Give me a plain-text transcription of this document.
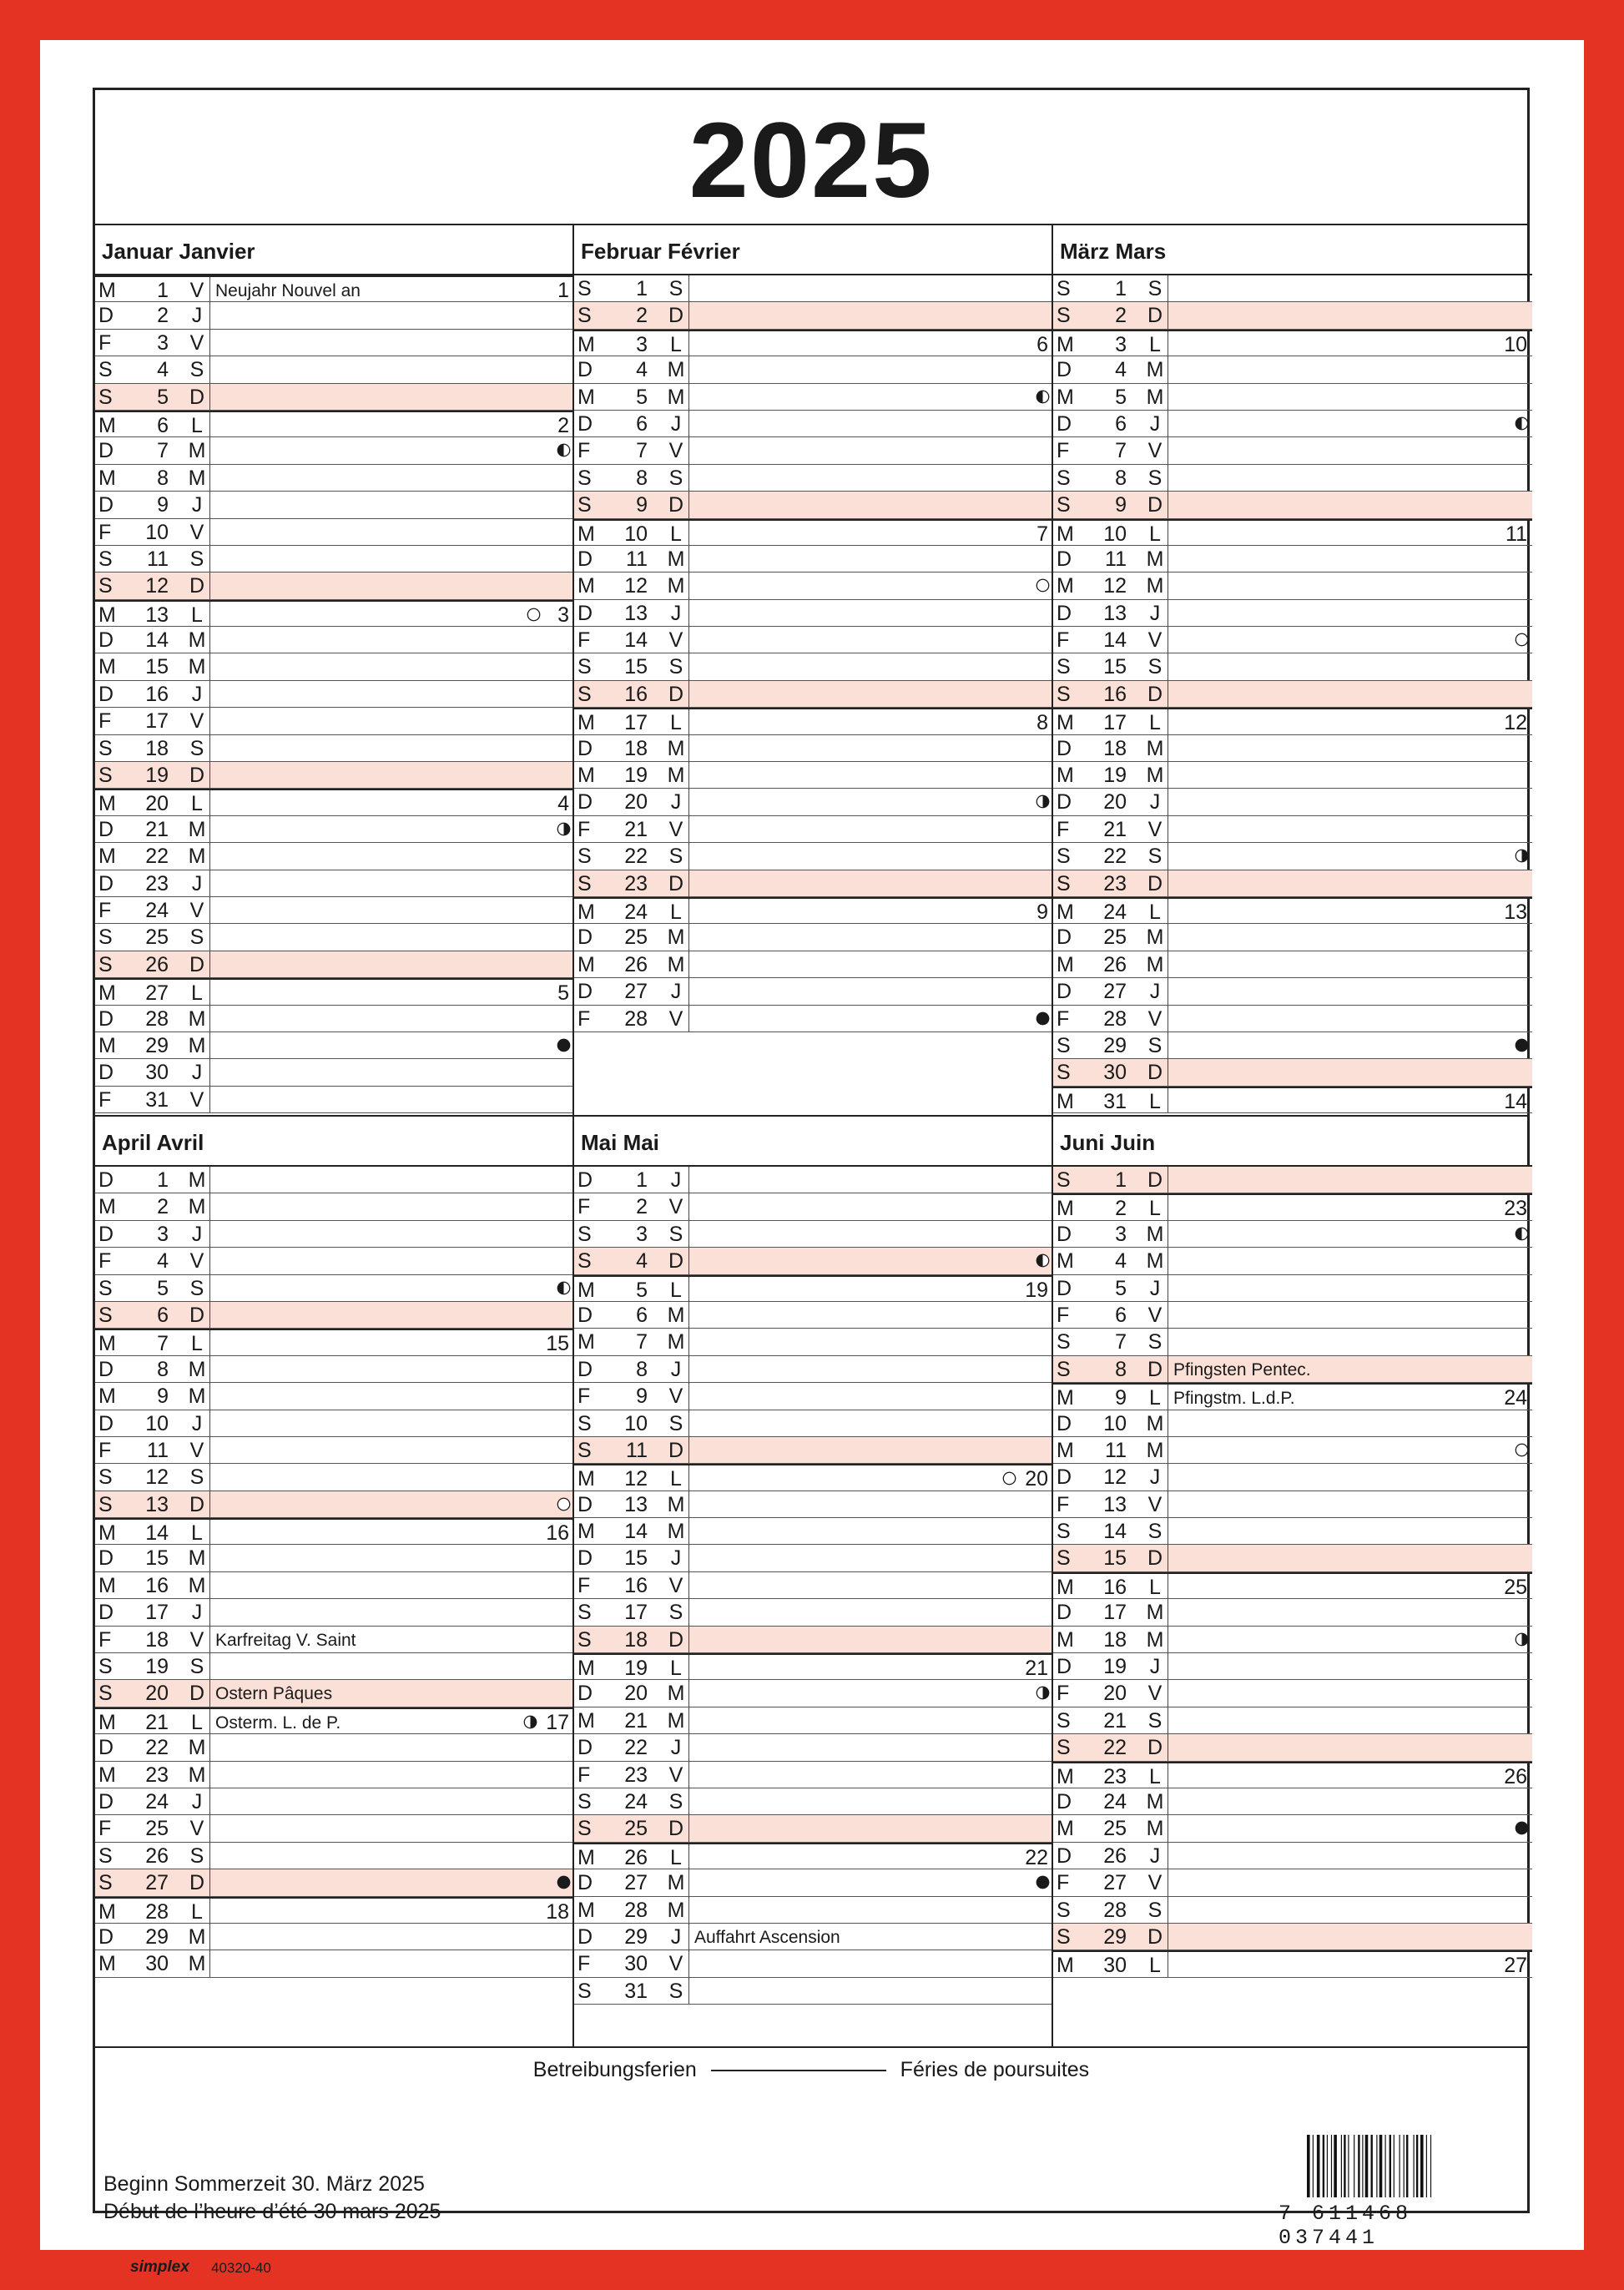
2025
Januar Janvier
M	1 V Neujahr Nouvel an	1
D	2	J
F	3 V
S	4 S
S	5 D
M	6 L	2
D	7 M
M	8 M
D	9	J
F	10 V
S	11 S
S	12 D
M	13 L	3
D	14 M
M	15 M
D	16	J
F	17 V
S	18 S
S	19 D
M	20 L	4
D	21 M
M	22 M
D	23	J
F	24 V
S	25 S
S	26 D
M	27 L	5
D	28 M
M	29 M
D	30	J
F	31 V
Februar Février
S	1 S
S	2 D
M	3 L	6
D	4 M
M	5 M
D	6	J
F	7 V
S	8 S
S	9 D
M	10 L	7
D	11 M
M	12 M
D	13	J
F	14 V
S	15 S
S	16 D
M	17 L	8
D	18 M
M	19 M
D	20	J
F	21 V
S	22 S
S	23 D
M	24 L	9
D	25 M
M	26 M
D	27	J
F	28 V
März Mars
S	1 S
S	2 D
M	3 L	10
D	4 M
M	5 M
D	6	J
F	7 V
S	8 S
S	9 D
M	10 L	11
D	11 M
M	12 M
D	13	J
F	14 V
S	15 S
S	16 D
M	17 L	12
D	18 M
M	19 M
D	20	J
F	21 V
S	22 S
S	23 D
M	24 L	13
D	25 M
M	26 M
D	27	J
F	28 V
S	29 S
S	30 D
M	31 L	14
April Avril
D	1 M
M	2 M
D	3	J
F	4 V
S	5 S
S	6 D
M	7 L	15
D	8 M
M	9 M
D	10	J
F	11 V
S	12 S
S	13 D
M	14 L	16
D	15 M
M	16 M
D	17	J
F	18 V Karfreitag V. Saint
S	19 S
S	20 D Ostern Pâques
M	21 L Osterm. L. de P.	17
D	22 M
M	23 M
D	24	J
F	25 V
S	26 S
S	27 D
M	28 L	18
D	29 M
M	30 M
Mai Mai
D	1	J
F	2 V
S	3 S
S	4 D
M	5 L	19
D	6 M
M	7 M
D	8	J
F	9 V
S	10 S
S	11 D
M	12 L	20
D	13 M
M	14 M
D	15	J
F	16 V
S	17 S
S	18 D
M	19 L	21
D	20 M
M	21 M
D	22	J
F	23 V
S	24 S
S	25 D
M	26 L	22
D	27 M
M	28 M
D	29	J Auffahrt Ascension
F	30 V
S	31 S
Juni Juin
S	1 D
M	2 L	23
D	3 M
M	4 M
D	5	J
F	6 V
S	7 S
S	8 D Pfingsten Pentec.
M	9 L Pfingstm. L.d.P.	24
D	10 M
M	11 M
D	12	J
F	13 V
S	14 S
S	15 D
M	16 L	25
D	17 M
M	18 M
D	19	J
F	20 V
S	21 S
S	22 D
M	23 L	26
D	24 M
M	25 M
D	26	J
F	27 V
S	28 S
S	29 D
M	30 L	27
Betreibungsferien	Féries de poursuites
Beginn Sommerzeit 30. März 2025
Début de l’heure d’été 30 mars 2025	7 611468 037441
simplex 40320-40
